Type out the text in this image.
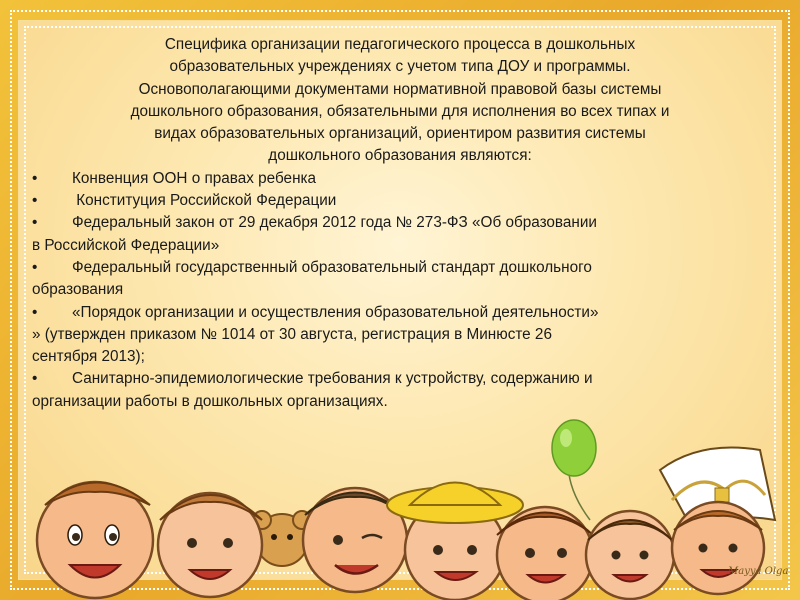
Специфика организации педагогического процесса в дошкольных
образовательных учреждениях с учетом типа ДОУ и программы.
Основополагающими документами нормативной правовой базы системы
дошкольного образования, обязательными для исполнения во всех типах и
видах образовательных организаций, ориентиром развития системы
дошкольного образования являются:
• Конвенция ООН о правах ребенка
• Конституция Российской Федерации
• Федеральный закон от 29 декабря 2012 года № 273-ФЗ «Об образовании
в Российской Федерации»
• Федеральный государственный образовательный стандарт дошкольного
образования
• «Порядок организации и осуществления образовательной деятельности»
» (утвержден приказом № 1014 от 30 августа, регистрация в Минюсте 26
сентября 2013);
• Санитарно-эпидемиологические требования к устройству, содержанию и
организации работы в дошкольных организациях.
Mayya Olga
